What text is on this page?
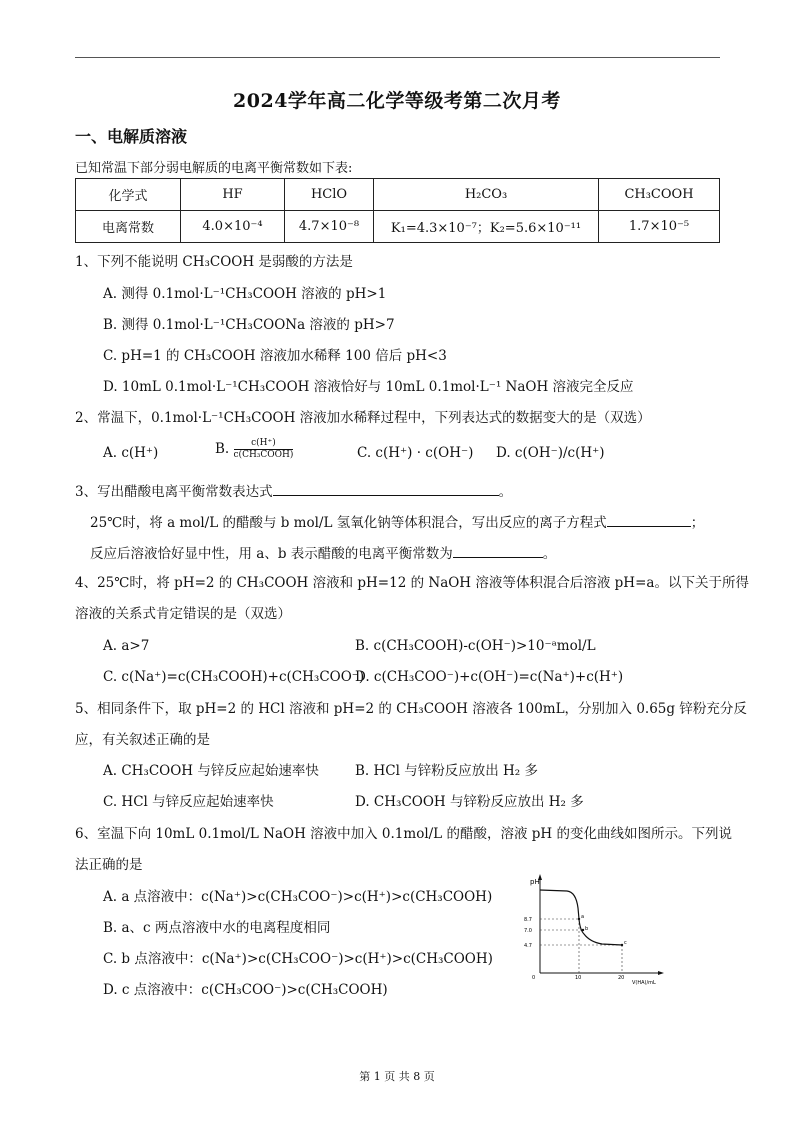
2024学年高二化学等级考第二次月考
一、电解质溶液
已知常温下部分弱电解质的电离平衡常数如下表:
化学式	HF	HClO	H₂CO₃	CH₃COOH
电离常数	4.0×10⁻⁴	4.7×10⁻⁸	K₁=4.3×10⁻⁷；K₂=5.6×10⁻¹¹	1.7×10⁻⁵
1、下列不能说明 CH₃COOH 是弱酸的方法是
A. 测得 0.1mol·L⁻¹CH₃COOH 溶液的 pH>1
B. 测得 0.1mol·L⁻¹CH₃COONa 溶液的 pH>7
C. pH=1 的 CH₃COOH 溶液加水稀释 100 倍后 pH<3
D. 10mL 0.1mol·L⁻¹CH₃COOH 溶液恰好与 10mL 0.1mol·L⁻¹ NaOH 溶液完全反应
2、常温下，0.1mol·L⁻¹CH₃COOH 溶液加水稀释过程中，下列表达式的数据变大的是（双选）
A. c(H⁺)	B. $\frac{c(H^+)}{\text{c(CH₃COOH)}}$	C. c(H⁺) · c(OH⁻) D. c(OH⁻)/c(H⁺)
3、写出醋酸电离平衡常数表达式	。
25℃时，将 a mol/L 的醋酸与 b mol/L 氢氧化钠等体积混合，写出反应的离子方程式	；
反应后溶液恰好显中性，用 a、b 表示醋酸的电离平衡常数为	。
4、25℃时，将 pH=2 的 CH₃COOH 溶液和 pH=12 的 NaOH 溶液等体积混合后溶液 pH=a。以下关于所得
溶液的关系式肯定错误的是（双选）
A. a>7	B. c(CH₃COOH)-c(OH⁻)>10⁻ᵃmol/L
C. c(Na⁺)=c(CH₃COOH)+c(CH₃COO⁻)
D. c(CH₃COO⁻)+c(OH⁻)=c(Na⁺)+c(H⁺)
5、相同条件下，取 pH=2 的 HCl 溶液和 pH=2 的 CH₃COOH 溶液各 100mL，分别加入 0.65g 锌粉充分反
应，有关叙述正确的是
A. CH₃COOH 与锌反应起始速率快	B. HCl 与锌粉反应放出 H₂ 多
C. HCl 与锌反应起始速率快	D. CH₃COOH 与锌粉反应放出 H₂ 多
6、室温下向 10mL 0.1mol/L NaOH 溶液中加入 0.1mol/L 的醋酸，溶液 pH 的变化曲线如图所示。下列说
法正确的是
A. a 点溶液中：c(Na⁺)>c(CH₃COO⁻)>c(H⁺)>c(CH₃COOH)
B. a、c 两点溶液中水的电离程度相同
C. b 点溶液中：c(Na⁺)>c(CH₃COO⁻)>c(H⁺)>c(CH₃COOH)
D. c 点溶液中：c(CH₃COO⁻)>c(CH₃COOH)
pH
V(HA)/mL
8.7
7.0
4.7
0	10	20
a
b
c
第 1 页 共 8 页
